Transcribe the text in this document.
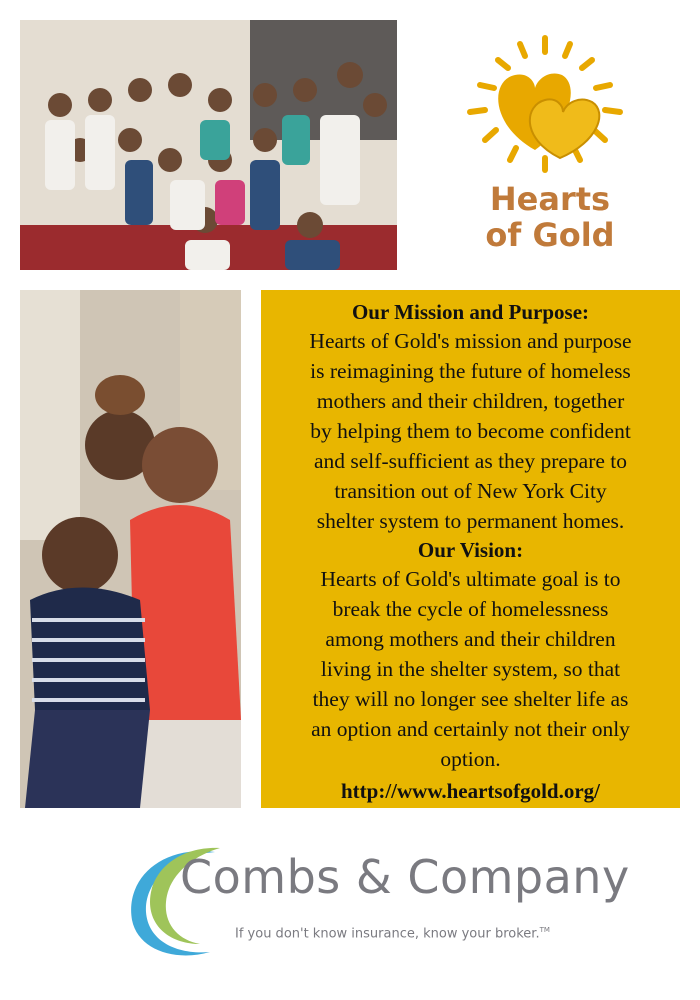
Hearts
of Gold
Our Mission and Purpose:
Hearts of Gold's mission and purpose
is reimagining the future of homeless
mothers and their children, together
by helping them to become confident
and self-sufficient as they prepare to
transition out of New York City
shelter system to permanent homes.
Our Vision:
Hearts of Gold's ultimate goal is to
break the cycle of homelessness
among mothers and their children
living in the shelter system, so that
they will no longer see shelter life as
an option and certainly not their only
option.
http://www.heartsofgold.org/
Combs & Company
If you don't know insurance, know your broker.™
